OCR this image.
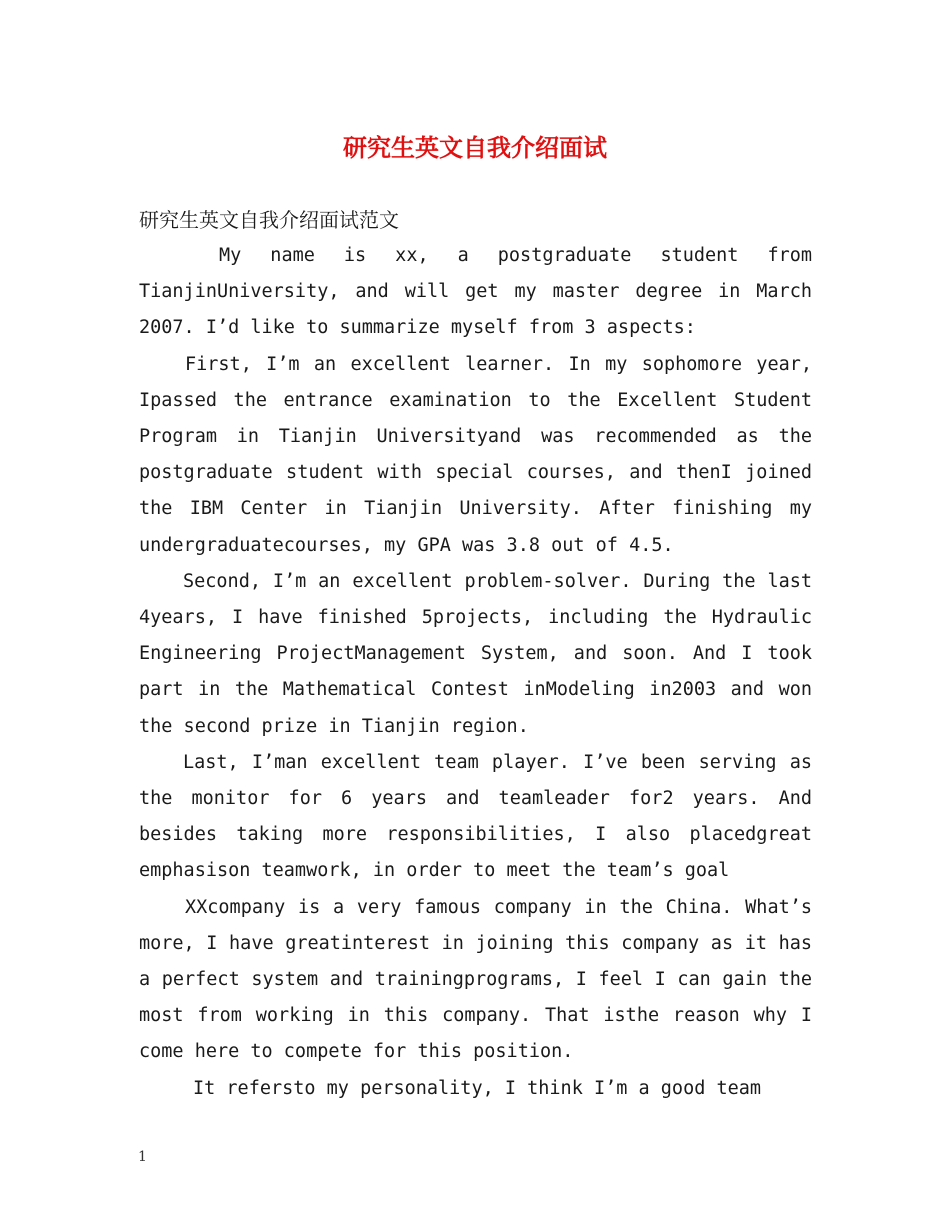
研究生英文自我介绍面试

研究生英文自我介绍面试范文

My name is xx, a postgraduate student from TianjinUniversity, and will get my master degree in March 2007. I’d like to summarize myself from 3 aspects:

First, I’m an excellent learner. In my sophomore year, Ipassed the entrance examination to the Excellent Student Program in Tianjin Universityand was recommended as the postgraduate student with special courses, and thenI joined the IBM Center in Tianjin University. After finishing my undergraduatecourses, my GPA was 3.8 out of 4.5.

Second, I’m an excellent problem-solver. During the last 4years, I have finished 5projects, including the Hydraulic Engineering ProjectManagement System, and soon. And I took part in the Mathematical Contest inModeling in2003 and won the second prize in Tianjin region.

Last, I’man excellent team player. I’ve been serving as the monitor for 6 years and teamleader for2 years. And besides taking more responsibilities, I also placedgreat emphasison teamwork, in order to meet the team’s goal

XXcompany is a very famous company in the China. What’s more, I have greatinterest in joining this company as it has a perfect system and trainingprograms, I feel I can gain the most from working in this company. That isthe reason why I come here to compete for this position.

It refersto my personality, I think I’m a good team

1
